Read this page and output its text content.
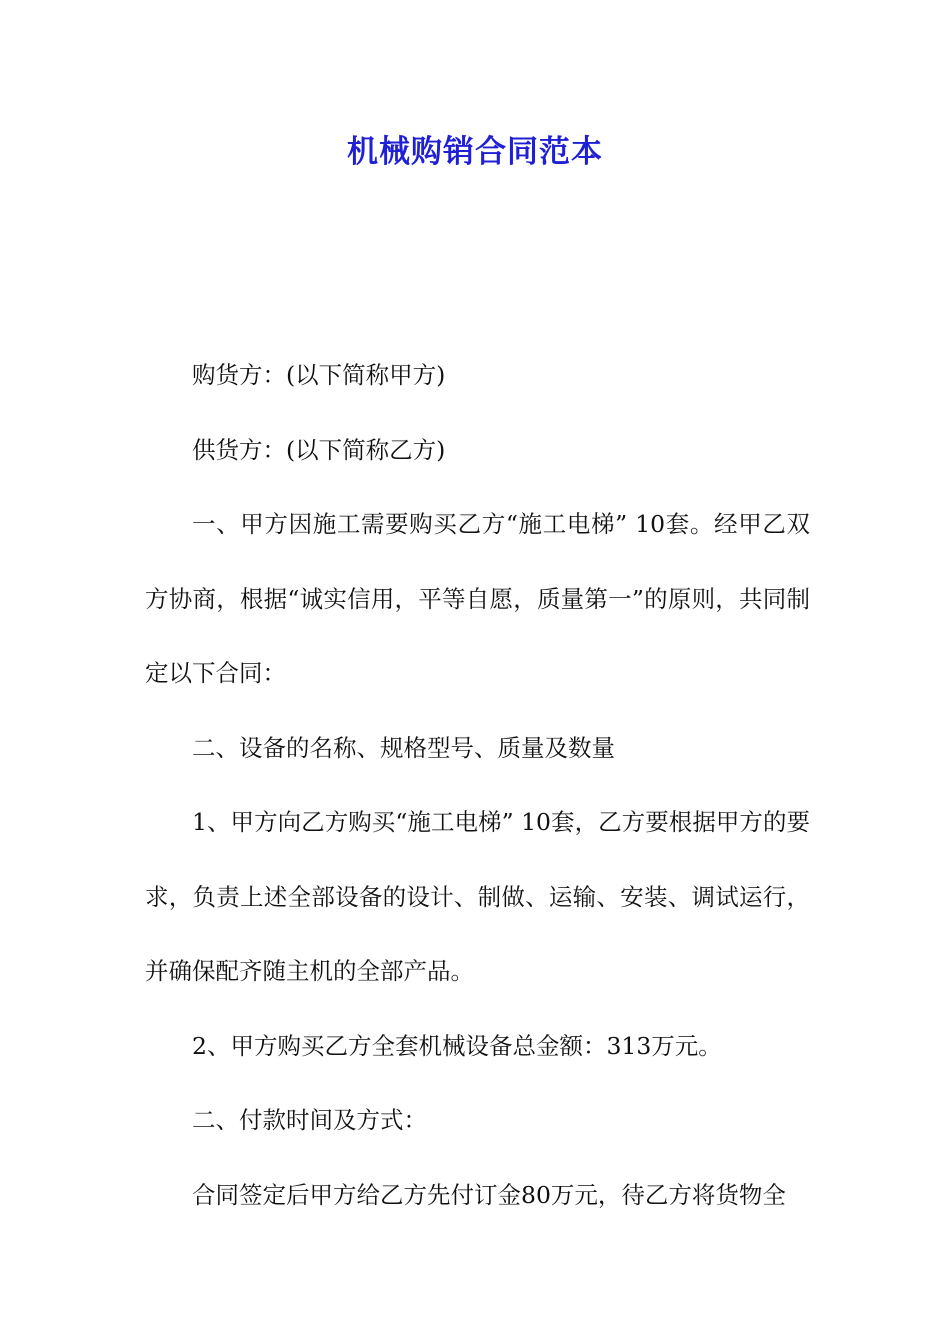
机械购销合同范本

购货方：(以下简称甲方)

供货方：(以下简称乙方)

一、甲方因施工需要购买乙方“施工电梯” 10套。经甲乙双方协商，根据“诚实信用，平等自愿，质量第一”的原则，共同制定以下合同：

二、设备的名称、规格型号、质量及数量

1、甲方向乙方购买“施工电梯” 10套，乙方要根据甲方的要求，负责上述全部设备的设计、制做、运输、安装、调试运行，并确保配齐随主机的全部产品。

2、甲方购买乙方全套机械设备总金额：313万元。

二、付款时间及方式：

合同签定后甲方给乙方先付订金80万元，待乙方将货物全
